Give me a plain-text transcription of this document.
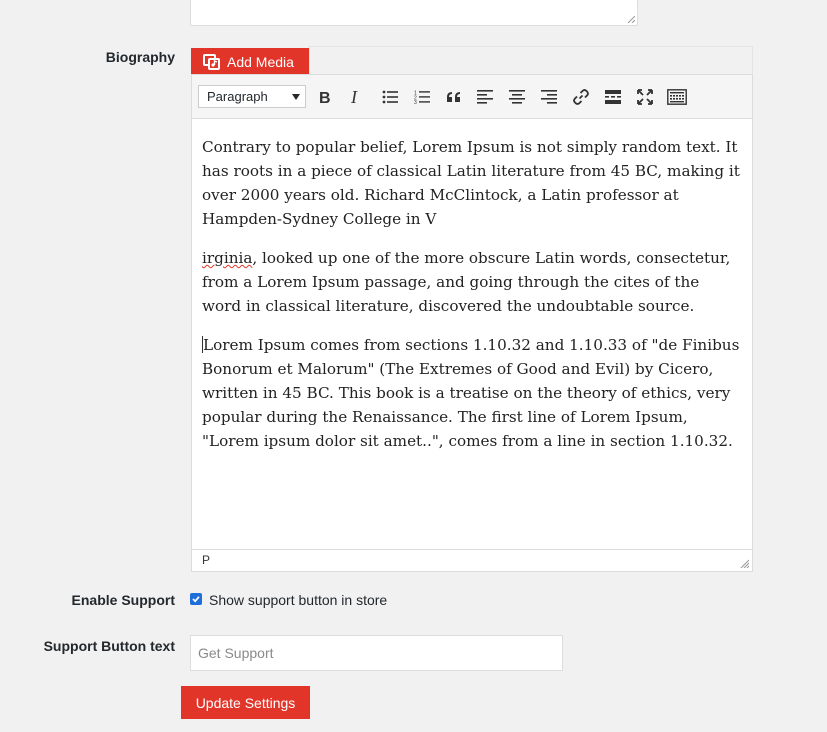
Biography	Add Media
Paragraph	B I	1
2
3

Contrary to popular belief, Lorem Ipsum is not simply random text. It has roots in a piece of classical Latin literature from 45 BC, making it over 2000 years old. Richard McClintock, a Latin professor at Hampden-Sydney College in V

irginia, looked up one of the more obscure Latin words, consectetur, from a Lorem Ipsum passage, and going through the cites of the word in classical literature, discovered the undoubtable source.

Lorem Ipsum comes from sections 1.10.32 and 1.10.33 of "de Finibus Bonorum et Malorum" (The Extremes of Good and Evil) by Cicero, written in 45 BC. This book is a treatise on the theory of ethics, very popular during the Renaissance. The first line of Lorem Ipsum, "Lorem ipsum dolor sit amet..", comes from a line in section 1.10.32.

P
Enable Support Show support button in store
Support Button text
Get Support
Update Settings
